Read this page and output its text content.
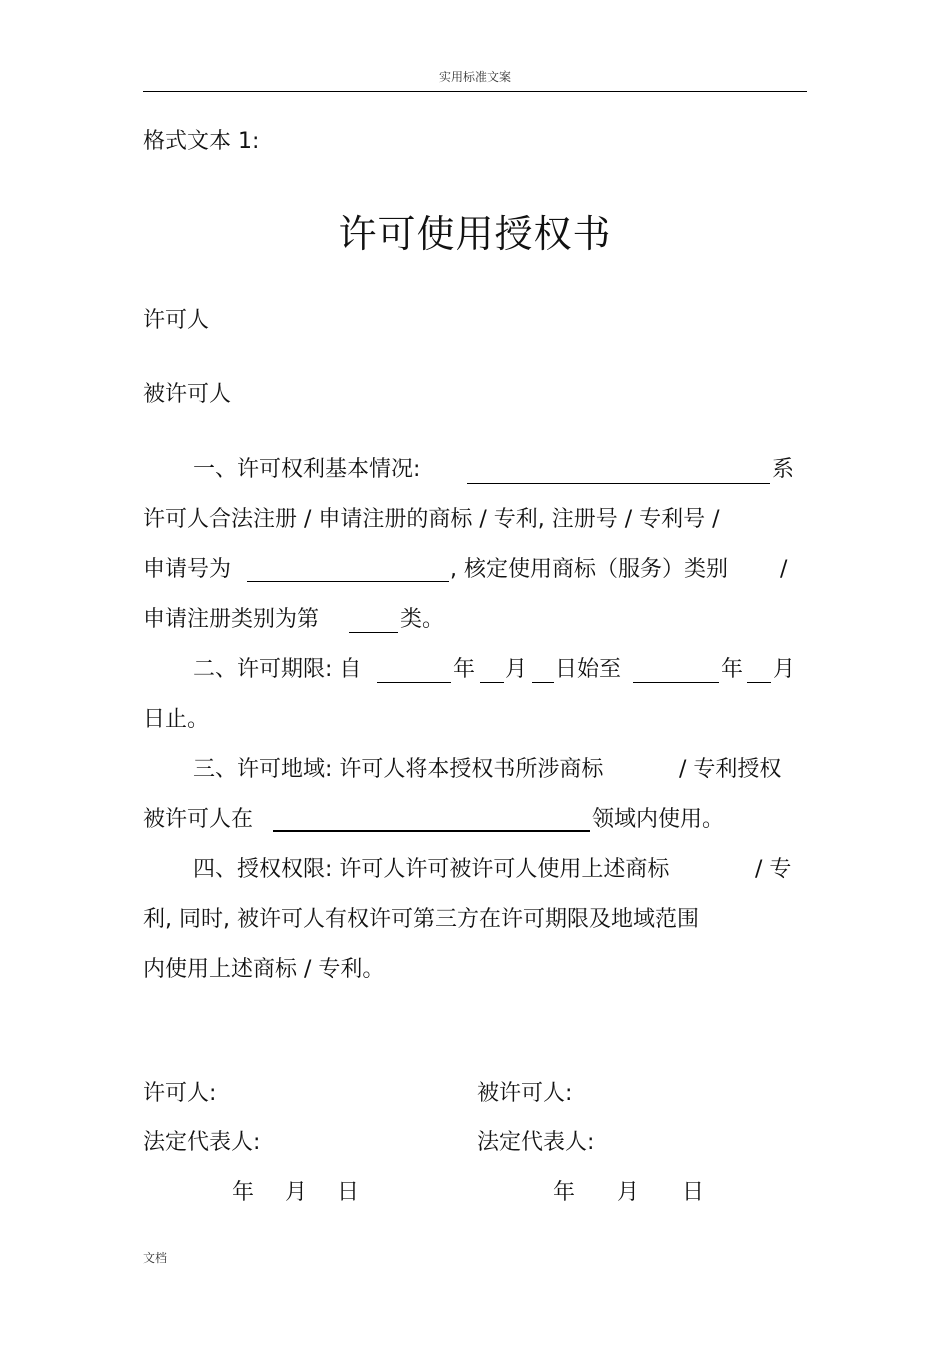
实用标准文案
格式文本 1:
许可使用授权书
许可人
被许可人
一、许可权利基本情况:	系
许可人合法注册 / 申请注册的商标 / 专利, 注册号 / 专利号 /
申请号为	, 核定使用商标（服务）类别 /
申请注册类别为第	类。
二、许可期限: 自	年 月 日始至	年 月
日止。
三、许可地域: 许可人将本授权书所涉商标	/ 专利授权
被许可人在	领域内使用。
四、授权权限: 许可人许可被许可人使用上述商标	/ 专
利, 同时, 被许可人有权许可第三方在许可期限及地域范围
内使用上述商标 / 专利。
许可人:	被许可人:
法定代表人:	法定代表人:
年 月 日	年 月 日
文档
